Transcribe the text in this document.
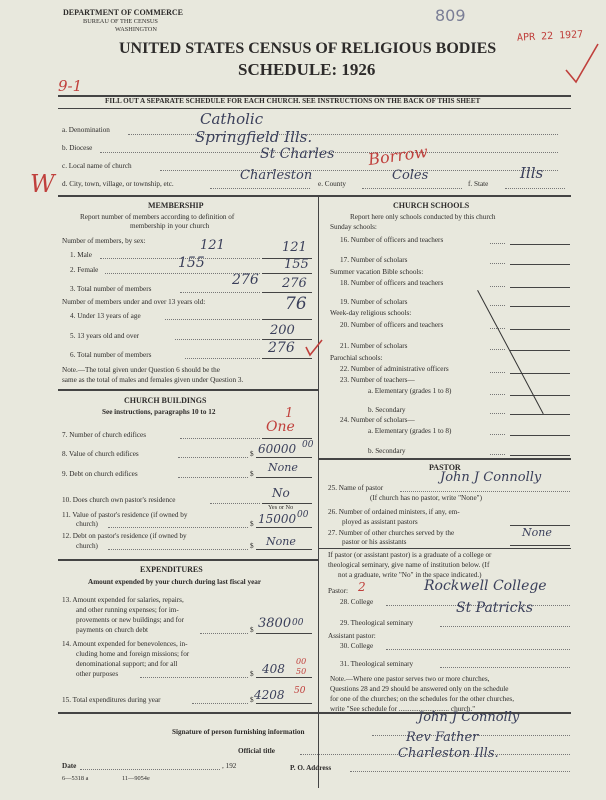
DEPARTMENT OF COMMERCE
BUREAU OF THE CENSUS
WASHINGTON
809
APR 22 1927
UNITED STATES CENSUS OF RELIGIOUS BODIES
SCHEDULE: 1926
9-1
FILL OUT A SEPARATE SCHEDULE FOR EACH CHURCH. SEE INSTRUCTIONS ON THE BACK OF THIS SHEET
a. Denomination
Catholic
b. Diocese
Springfield Ills.
c. Local name of church
St Charles Borrow
d. City, town, village, or township, etc.
Charleston
e. County
Coles
f. State
Ills
W
MEMBERSHIP
Report number of members according to definition of
membership in your church
Number of members, by sex:
1. Male
121	121
2. Female	155	155
3. Total number of members
276 276
Number of members under and over 13 years old:
4. Under 13 years of age
76
5. 13 years old and over	200
6. Total number of members	276
Note.—The total given under Question 6 should be the
same as the total of males and females given under Question 3.
CHURCH BUILDINGS
See instructions, paragraphs 10 to 12
7. Number of church edifices
1
One
8. Value of church edifices	$ 60000 00
9. Debt on church edifices	$ None
10. Does church own pastor's residence	No
Yes or No
11. Value of pastor's residence (if owned by
church)	$ 15000 00
12. Debt on pastor's residence (if owned by
church)	$ None
EXPENDITURES
Amount expended by your church during last fiscal year
13. Amount expended for salaries, repairs,
and other running expenses; for im-
provements or new buildings; and for
payments on church debt	$ 3800 00
14. Amount expended for benevolences, in-
cluding home and foreign missions; for
denominational support; and for all
other purposes	$ 408
00
50
15. Total expenditures during year	$ 4208 50
CHURCH SCHOOLS
Report here only schools conducted by this church
Sunday schools:
16. Number of officers and teachers
17. Number of scholars
Summer vacation Bible schools:
18. Number of officers and teachers
19. Number of scholars
Week-day religious schools:
20. Number of officers and teachers
21. Number of scholars
Parochial schools:
22. Number of administrative officers
23. Number of teachers—
a. Elementary (grades 1 to 8)
b. Secondary
24. Number of scholars—
a. Elementary (grades 1 to 8)
b. Secondary
PASTOR
25. Name of pastor
John J Connolly
(If church has no pastor, write "None")
26. Number of ordained ministers, if any, em-
ployed as assistant pastors
27. Number of other churches served by the
pastor or his assistants
None
If pastor (or assistant pastor) is a graduate of a college or
theological seminary, give name of institution below. (If
not a graduate, write "No" in the space indicated.)
Pastor: 2
28. College
Rockwell College
29. Theological seminary
St Patricks
Assistant pastor:
30. College
31. Theological seminary
Note.—Where one pastor serves two or more churches,
Questions 28 and 29 should be answered only on the schedule
for one of the churches; on the schedules for the other churches,
write "See schedule for ............................ church."
Signature of person furnishing information
John J Connolly
Official title
Rev Father
Date	, 192	P. O. Address
Charleston Ills.
6—5318 a	11—9054e
